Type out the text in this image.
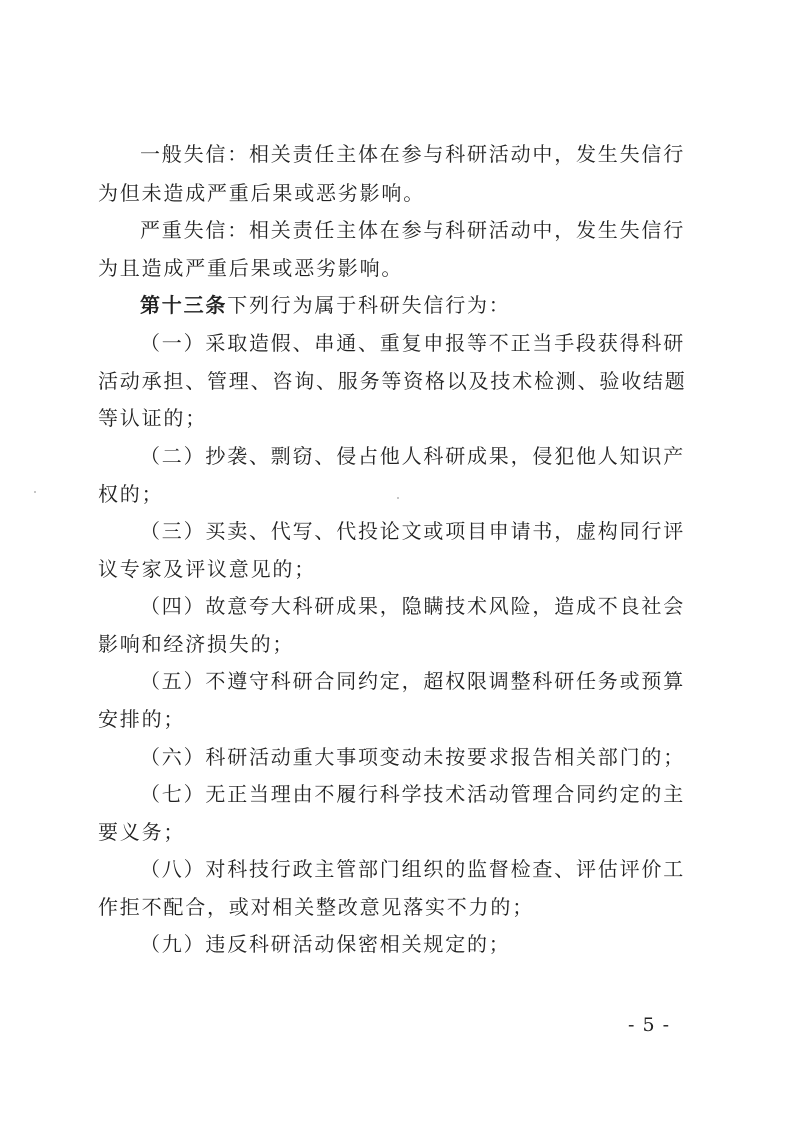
一般失信：相关责任主体在参与科研活动中，发生失信行
为但未造成严重后果或恶劣影响。
严重失信：相关责任主体在参与科研活动中，发生失信行
为且造成严重后果或恶劣影响。
第十三条下列行为属于科研失信行为：
（一）采取造假、串通、重复申报等不正当手段获得科研
活动承担、管理、咨询、服务等资格以及技术检测、验收结题
等认证的；
（二）抄袭、剽窃、侵占他人科研成果，侵犯他人知识产
权的；
（三）买卖、代写、代投论文或项目申请书，虚构同行评
议专家及评议意见的；
（四）故意夸大科研成果，隐瞒技术风险，造成不良社会
影响和经济损失的；
（五）不遵守科研合同约定，超权限调整科研任务或预算
安排的；
（六）科研活动重大事项变动未按要求报告相关部门的；
（七）无正当理由不履行科学技术活动管理合同约定的主
要义务；
（八）对科技行政主管部门组织的监督检查、评估评价工
作拒不配合，或对相关整改意见落实不力的；
（九）违反科研活动保密相关规定的；
- 5 -
